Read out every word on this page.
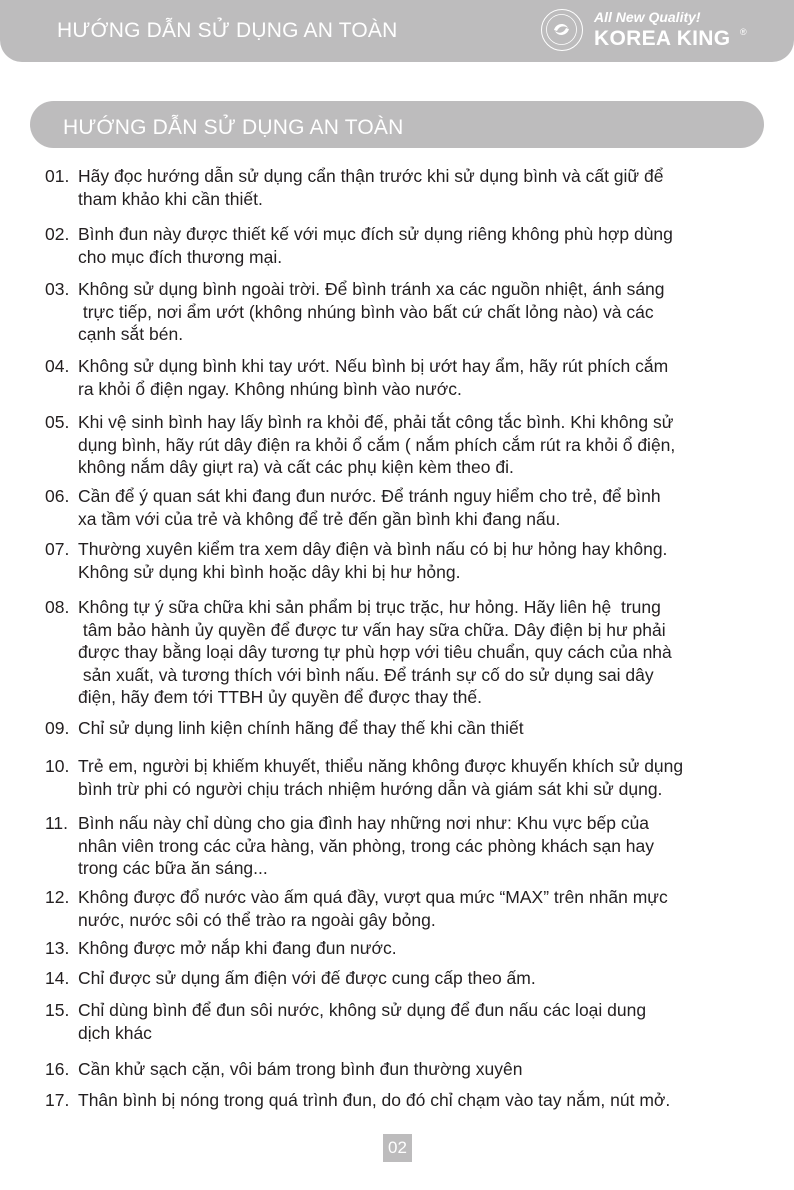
HƯỚNG DẪN SỬ DỤNG AN TOÀN
All New Quality!
KOREA KING ®
HƯỚNG DẪN SỬ DỤNG AN TOÀN
01. Hãy đọc hướng dẫn sử dụng cẩn thận trước khi sử dụng bình và cất giữ để
tham khảo khi cần thiết.
02. Bình đun này được thiết kế với mục đích sử dụng riêng không phù hợp dùng
cho mục đích thương mại.
03. Không sử dụng bình ngoài trời. Để bình tránh xa các nguồn nhiệt, ánh sáng
trực tiếp, nơi ẩm ướt (không nhúng bình vào bất cứ chất lỏng nào) và các
cạnh sắt bén.
04. Không sử dụng bình khi tay ướt. Nếu bình bị ướt hay ẩm, hãy rút phích cắm
ra khỏi ổ điện ngay. Không nhúng bình vào nước.
05. Khi vệ sinh bình hay lấy bình ra khỏi đế, phải tắt công tắc bình. Khi không sử
dụng bình, hãy rút dây điện ra khỏi ổ cắm ( nắm phích cắm rút ra khỏi ổ điện,
không nắm dây giựt ra) và cất các phụ kiện kèm theo đi.
06. Cần để ý quan sát khi đang đun nước. Để tránh nguy hiểm cho trẻ, để bình
xa tầm với của trẻ và không để trẻ đến gần bình khi đang nấu.
07. Thường xuyên kiểm tra xem dây điện và bình nấu có bị hư hỏng hay không.
Không sử dụng khi bình hoặc dây khi bị hư hỏng.
08. Không tự ý sữa chữa khi sản phẩm bị trục trặc, hư hỏng. Hãy liên hệ  trung
tâm bảo hành ủy quyền để được tư vấn hay sữa chữa. Dây điện bị hư phải
được thay bằng loại dây tương tự phù hợp với tiêu chuẩn, quy cách của nhà
sản xuất, và tương thích với bình nấu. Để tránh sự cố do sử dụng sai dây
điện, hãy đem tới TTBH ủy quyền để được thay thế.
09. Chỉ sử dụng linh kiện chính hãng để thay thế khi cần thiết
10. Trẻ em, người bị khiếm khuyết, thiểu năng không được khuyến khích sử dụng
bình trừ phi có người chịu trách nhiệm hướng dẫn và giám sát khi sử dụng.
11. Bình nấu này chỉ dùng cho gia đình hay những nơi như: Khu vực bếp của
nhân viên trong các cửa hàng, văn phòng, trong các phòng khách sạn hay
trong các bữa ăn sáng...
12. Không được đổ nước vào ấm quá đầy, vượt qua mức “MAX” trên nhãn mực
nước, nước sôi có thể trào ra ngoài gây bỏng.
13. Không được mở nắp khi đang đun nước.
14. Chỉ được sử dụng ấm điện với đế được cung cấp theo ấm.
15. Chỉ dùng bình để đun sôi nước, không sử dụng để đun nấu các loại dung
dịch khác
16. Cần khử sạch cặn, vôi bám trong bình đun thường xuyên
17. Thân bình bị nóng trong quá trình đun, do đó chỉ chạm vào tay nắm, nút mở.
02
